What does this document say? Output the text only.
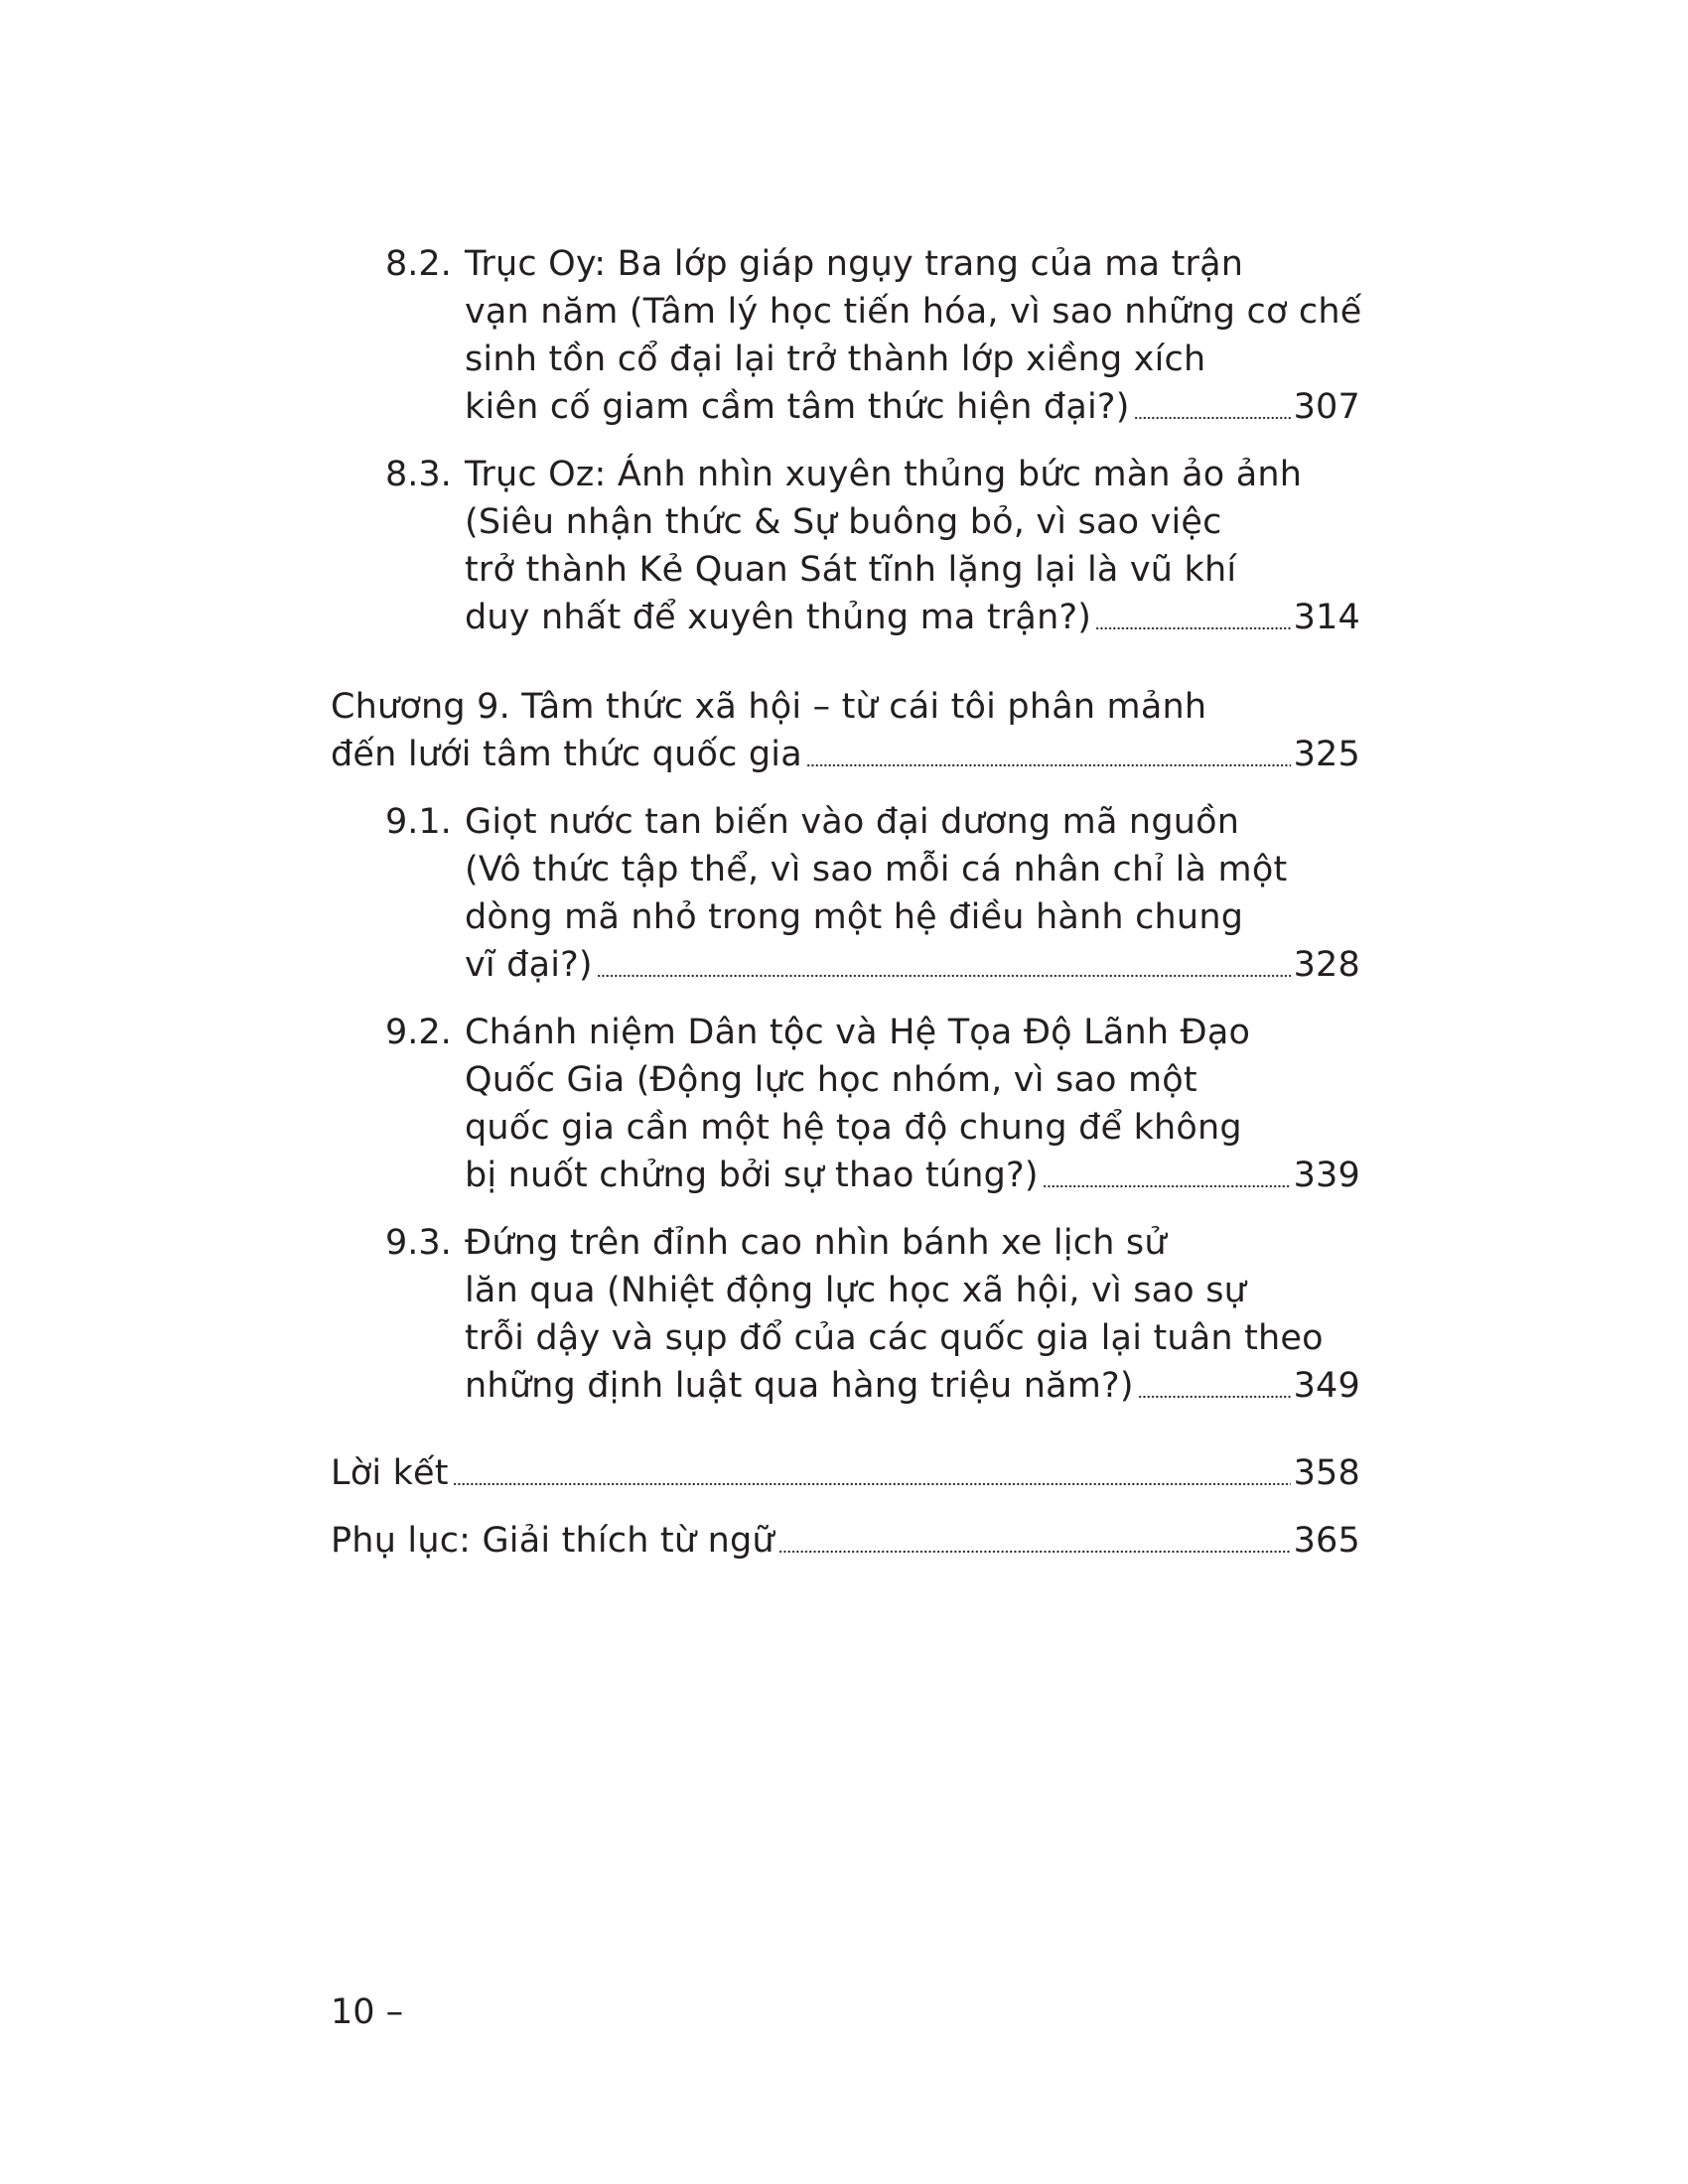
8.2. Trục Oy: Ba lớp giáp ngụy trang của ma trận
vạn năm (Tâm lý học tiến hóa, vì sao những cơ chế
sinh tồn cổ đại lại trở thành lớp xiềng xích
kiên cố giam cầm tâm thức hiện đại?)	307
8.3. Trục Oz: Ánh nhìn xuyên thủng bức màn ảo ảnh
(Siêu nhận thức & Sự buông bỏ, vì sao việc
trở thành Kẻ Quan Sát tĩnh lặng lại là vũ khí
duy nhất để xuyên thủng ma trận?)	314
Chương 9. Tâm thức xã hội – từ cái tôi phân mảnh
đến lưới tâm thức quốc gia	325
9.1. Giọt nước tan biến vào đại dương mã nguồn
(Vô thức tập thể, vì sao mỗi cá nhân chỉ là một
dòng mã nhỏ trong một hệ điều hành chung
vĩ đại?)	328
9.2. Chánh niệm Dân tộc và Hệ Tọa Độ Lãnh Đạo
Quốc Gia (Động lực học nhóm, vì sao một
quốc gia cần một hệ tọa độ chung để không
bị nuốt chửng bởi sự thao túng?)	339
9.3. Đứng trên đỉnh cao nhìn bánh xe lịch sử
lăn qua (Nhiệt động lực học xã hội, vì sao sự
trỗi dậy và sụp đổ của các quốc gia lại tuân theo
những định luật qua hàng triệu năm?)	349
Lời kết	358
Phụ lục: Giải thích từ ngữ	365
10 –
